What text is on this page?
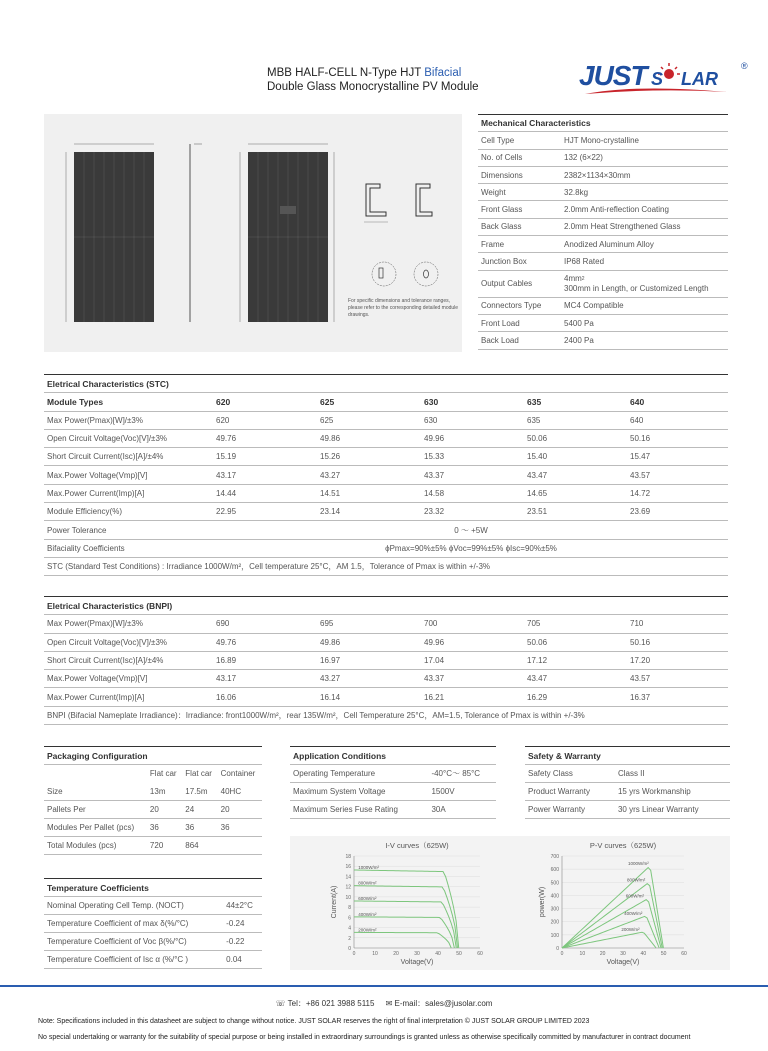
MBB HALF-CELL N-Type HJT Bifacial
Double Glass Monocrystalline PV Module	JUST S LAR
®
For specific dimensions and tolerance ranges, please refer to the corresponding detailed module drawings.
Mechanical Characteristics	
Cell Type	HJT Mono-crystalline
No. of Cells	132 (6×22)
Dimensions	2382×1134×30mm
Weight	32.8kg
Front Glass	2.0mm Anti-reflection Coating
Back Glass	2.0mm Heat Strengthened Glass
Frame	Anodized Aluminum Alloy
Junction Box	IP68 Rated
Output Cables	$4mm^2$
300mm in Length, or Customized Length
Connectors Type	MC4 Compatible
Front Load	5400 Pa
Back Load	2400 Pa
Eletrical Characteristics (STC)					
Module Types	620	625	630	635	640
Max Power(Pmax)[W]/±3%	620	625	630	635	640
Open Circuit Voltage(Voc)[V]/±3%	49.76	49.86	49.96	50.06	50.16
Short Circuit Current(Isc)[A]/±4%	15.19	15.26	15.33	15.40	15.47
Max.Power Voltage(Vmp)[V]	43.17	43.27	43.37	43.47	43.57
Max.Power Current(Imp)[A]	14.44	14.51	14.58	14.65	14.72
Module Efficiency(%)	22.95	23.14	23.32	23.51	23.69
Power Tolerance	0 ～ +5W				
Bifaciality Coefficients	ϕPmax=90%±5% ϕVoc=99%±5% ϕIsc=90%±5%				
STC (Standard Test Conditions) : Irradiance 1000W/m²，Cell temperature 25°C，AM 1.5，Tolerance of Pmax is within +/-3%					
Eletrical Characteristics (BNPI)					
Max Power(Pmax)[W]/±3%	690	695	700	705	710
Open Circuit Voltage(Voc)[V]/±3%	49.76	49.86	49.96	50.06	50.16
Short Circuit Current(Isc)[A]/±4%	16.89	16.97	17.04	17.12	17.20
Max.Power Voltage(Vmp)[V]	43.17	43.27	43.37	43.47	43.57
Max.Power Current(Imp)[A]	16.06	16.14	16.21	16.29	16.37
BNPI (Bifacial Nameplate Irradiance)：Irradiance: front1000W/m²，rear 135W/m²，Cell Temperature 25°C，AM=1.5, Tolerance of Pmax is within +/-3%					
Packaging Configuration			
	Flat car	Flat car	Container
Size	13m	17.5m	40HC
Pallets Per	20	24	20
Modules Per Pallet (pcs)	36	36	36
Total Modules (pcs)	720	864	
Application Conditions	
Operating Temperature	-40°C～ 85°C
Maximum System Voltage	1500V
Maximum Series Fuse Rating	30A
Safety & Warranty	
Safety Class	Class II
Product Warranty	15 yrs Workmanship
Power Warranty	30 yrs Linear Warranty
Temperature Coefficients	
Nominal Operating Cell Temp. (NOCT)	44±2°C
Temperature Coefficient of max δ(%/°C)	-0.24
Temperature Coefficient of Voc β(%/°C)	-0.22
Temperature Coefficient of Isc α (%/°C )	0.04
I-V curves（625W)
0
2
4
6
8
10
12
14
16
18
0	10	20	30	40	50	60
Voltage(V)
Current(A)
1000W/m²
800W/m²
600W/m²
400W/m²
200W/m²
P-V curves（625W)
0
100
200
300
400
500
600
700
0	10	20	30	40	50	60
Voltage(V)
power(W)
1000W/m²
800W/m²
600W/m²
400W/m²
200W/m²
☏ Tel：+86 021 3988 5115 ✉ E-mail：sales@jusolar.com
Note: Specifications included in this datasheet are subject to change without notice. JUST SOLAR reserves the right of final interpretation © JUST SOLAR GROUP LIMITED 2023
No special undertaking or warranty for the suitability of special purpose or being installed in extraordinary surroundings is granted unless as otherwise specifically committed by manufacturer in contract document
